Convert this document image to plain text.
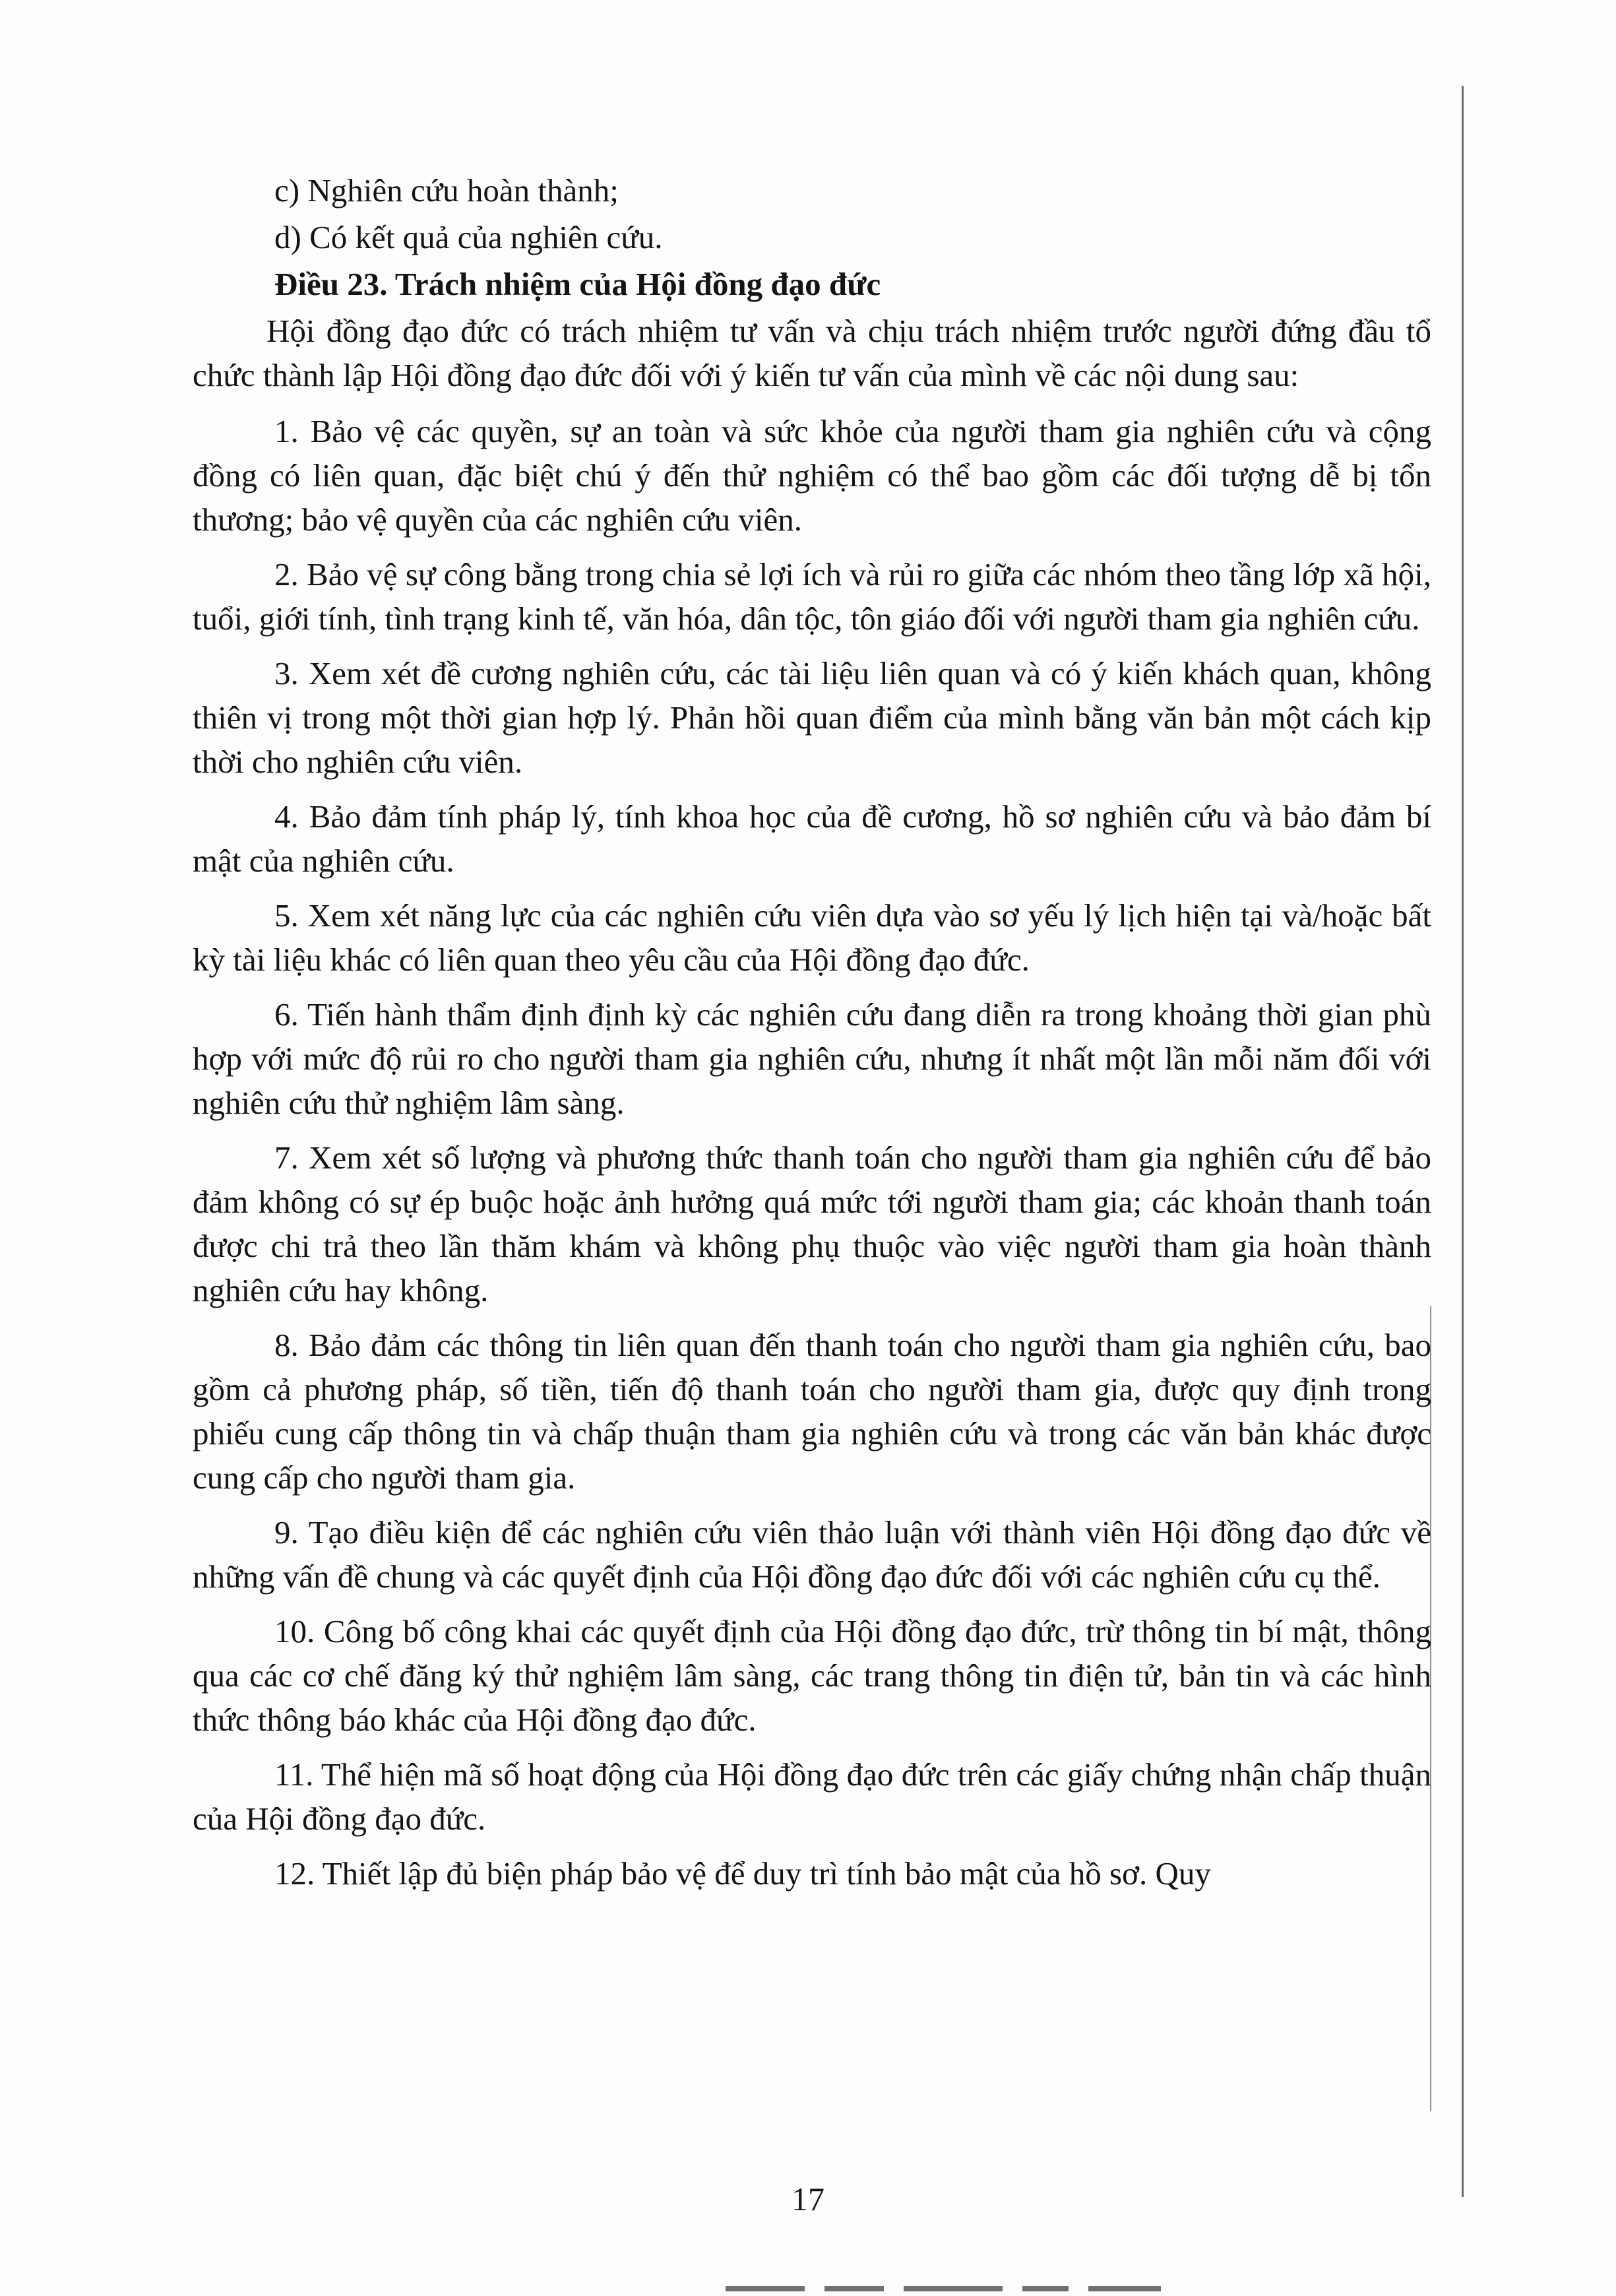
c) Nghiên cứu hoàn thành;

d) Có kết quả của nghiên cứu.

Điều 23. Trách nhiệm của Hội đồng đạo đức

Hội đồng đạo đức có trách nhiệm tư vấn và chịu trách nhiệm trước người đứng đầu tổ chức thành lập Hội đồng đạo đức đối với ý kiến tư vấn của mình về các nội dung sau:

1. Bảo vệ các quyền, sự an toàn và sức khỏe của người tham gia nghiên cứu và cộng đồng có liên quan, đặc biệt chú ý đến thử nghiệm có thể bao gồm các đối tượng dễ bị tổn thương; bảo vệ quyền của các nghiên cứu viên.

2. Bảo vệ sự công bằng trong chia sẻ lợi ích và rủi ro giữa các nhóm theo tầng lớp xã hội, tuổi, giới tính, tình trạng kinh tế, văn hóa, dân tộc, tôn giáo đối với người tham gia nghiên cứu.

3. Xem xét đề cương nghiên cứu, các tài liệu liên quan và có ý kiến khách quan, không thiên vị trong một thời gian hợp lý. Phản hồi quan điểm của mình bằng văn bản một cách kịp thời cho nghiên cứu viên.

4. Bảo đảm tính pháp lý, tính khoa học của đề cương, hồ sơ nghiên cứu và bảo đảm bí mật của nghiên cứu.

5. Xem xét năng lực của các nghiên cứu viên dựa vào sơ yếu lý lịch hiện tại và/hoặc bất kỳ tài liệu khác có liên quan theo yêu cầu của Hội đồng đạo đức.

6. Tiến hành thẩm định định kỳ các nghiên cứu đang diễn ra trong khoảng thời gian phù hợp với mức độ rủi ro cho người tham gia nghiên cứu, nhưng ít nhất một lần mỗi năm đối với nghiên cứu thử nghiệm lâm sàng.

7. Xem xét số lượng và phương thức thanh toán cho người tham gia nghiên cứu để bảo đảm không có sự ép buộc hoặc ảnh hưởng quá mức tới người tham gia; các khoản thanh toán được chi trả theo lần thăm khám và không phụ thuộc vào việc người tham gia hoàn thành nghiên cứu hay không.

8. Bảo đảm các thông tin liên quan đến thanh toán cho người tham gia nghiên cứu, bao gồm cả phương pháp, số tiền, tiến độ thanh toán cho người tham gia, được quy định trong phiếu cung cấp thông tin và chấp thuận tham gia nghiên cứu và trong các văn bản khác được cung cấp cho người tham gia.

9. Tạo điều kiện để các nghiên cứu viên thảo luận với thành viên Hội đồng đạo đức về những vấn đề chung và các quyết định của Hội đồng đạo đức đối với các nghiên cứu cụ thể.

10. Công bố công khai các quyết định của Hội đồng đạo đức, trừ thông tin bí mật, thông qua các cơ chế đăng ký thử nghiệm lâm sàng, các trang thông tin điện tử, bản tin và các hình thức thông báo khác của Hội đồng đạo đức.

11. Thể hiện mã số hoạt động của Hội đồng đạo đức trên các giấy chứng nhận chấp thuận của Hội đồng đạo đức.

12. Thiết lập đủ biện pháp bảo vệ để duy trì tính bảo mật của hồ sơ. Quy

17
